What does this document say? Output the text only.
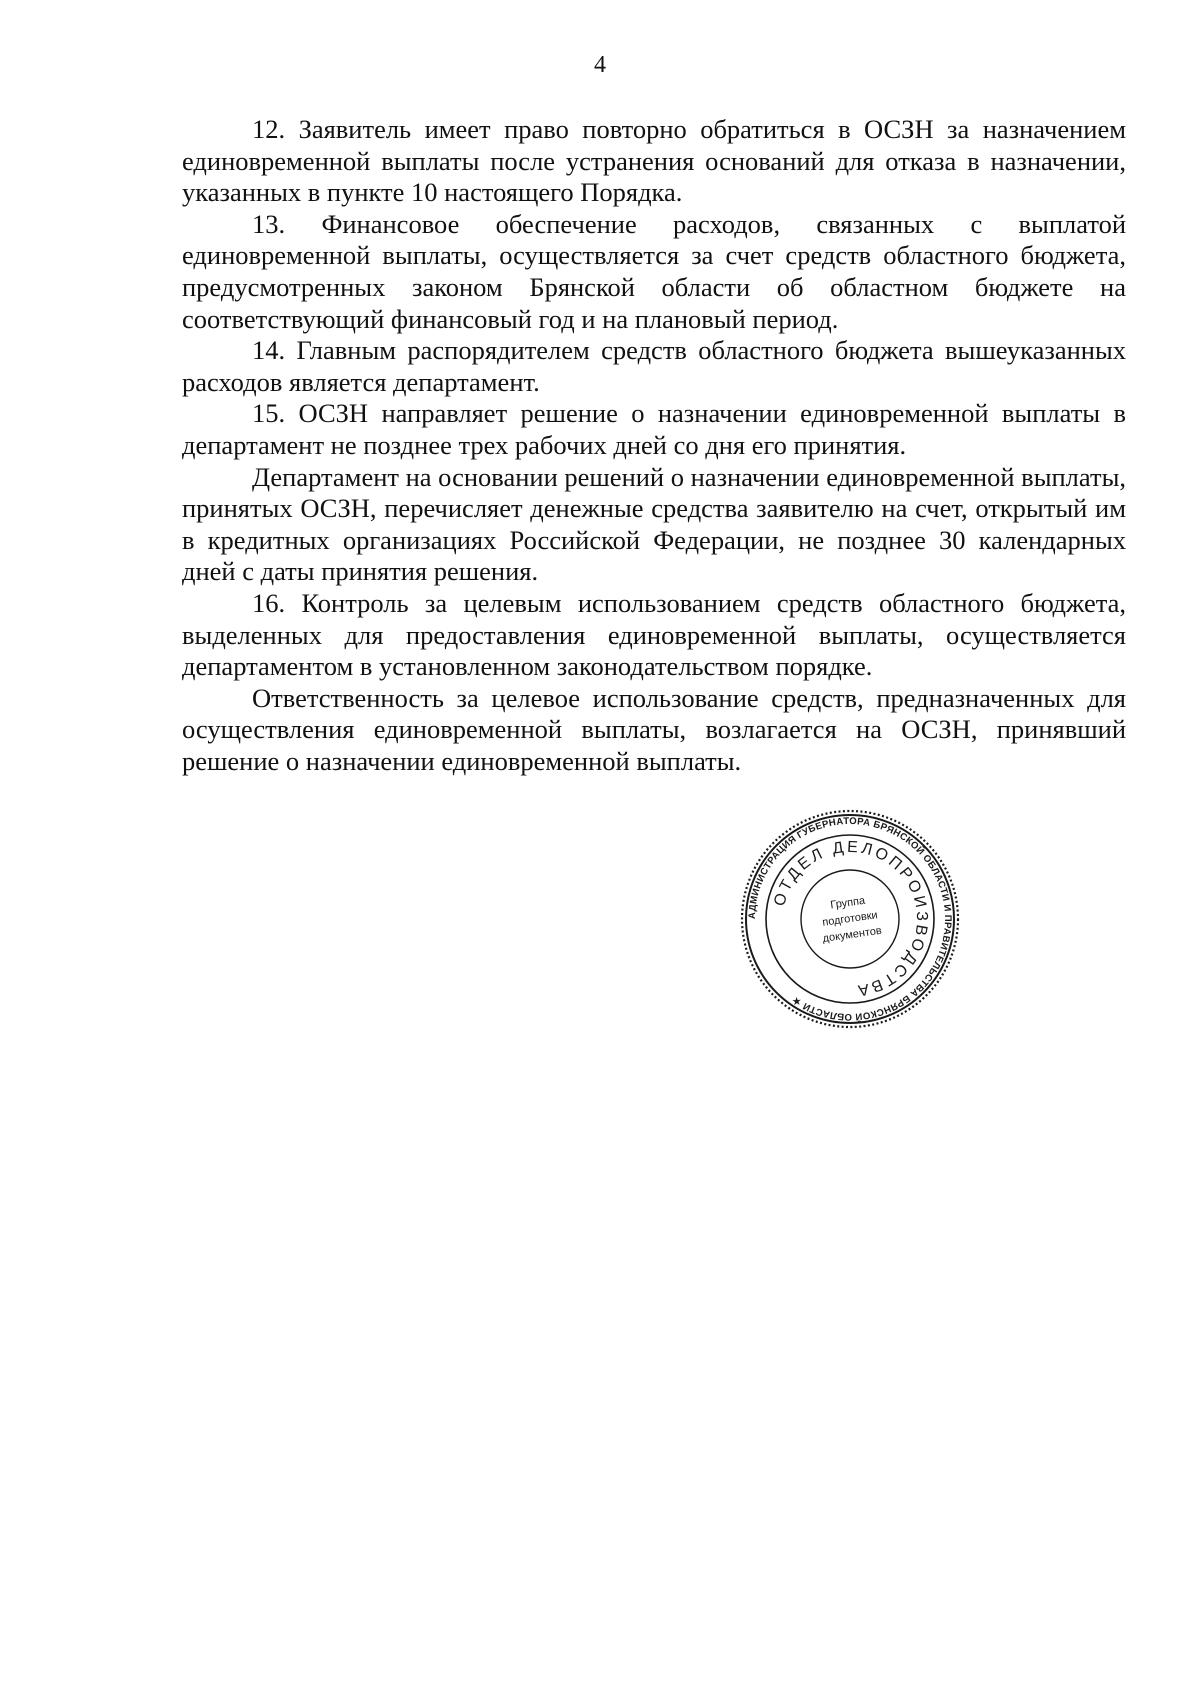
4

12. Заявитель имеет право повторно обратиться в ОСЗН за назначением единовременной выплаты после устранения оснований для отказа в назначении, указанных в пункте 10 настоящего Порядка.

13. Финансовое обеспечение расходов, связанных с выплатой единовременной выплаты, осуществляется за счет средств областного бюджета, предусмотренных законом Брянской области об областном бюджете на соответствующий финансовый год и на плановый период.

14. Главным распорядителем средств областного бюджета вышеуказанных расходов является департамент.

15. ОСЗН направляет решение о назначении единовременной выплаты в департамент не позднее трех рабочих дней со дня его принятия.

Департамент на основании решений о назначении единовременной выплаты, принятых ОСЗН, перечисляет денежные средства заявителю на счет, открытый им в кредитных организациях Российской Федерации, не позднее 30 календарных дней с даты принятия решения.

16. Контроль за целевым использованием средств областного бюджета, выделенных для предоставления единовременной выплаты, осуществляется департаментом в установленном законодательством порядке.

Ответственность за целевое использование средств, предназначенных для осуществления единовременной выплаты, возлагается на ОСЗН, принявший решение о назначении единовременной выплаты.

АДМИНИСТРАЦИЯ ГУБЕРНАТОРА БРЯНСКОЙ ОБЛАСТИ И ПРАВИТЕЛЬСТВА БРЯНСКОЙ ОБЛАСТИ ★
ОТДЕЛ ДЕЛОПРОИЗВОДСТВА
Группа
подготовки
документов
